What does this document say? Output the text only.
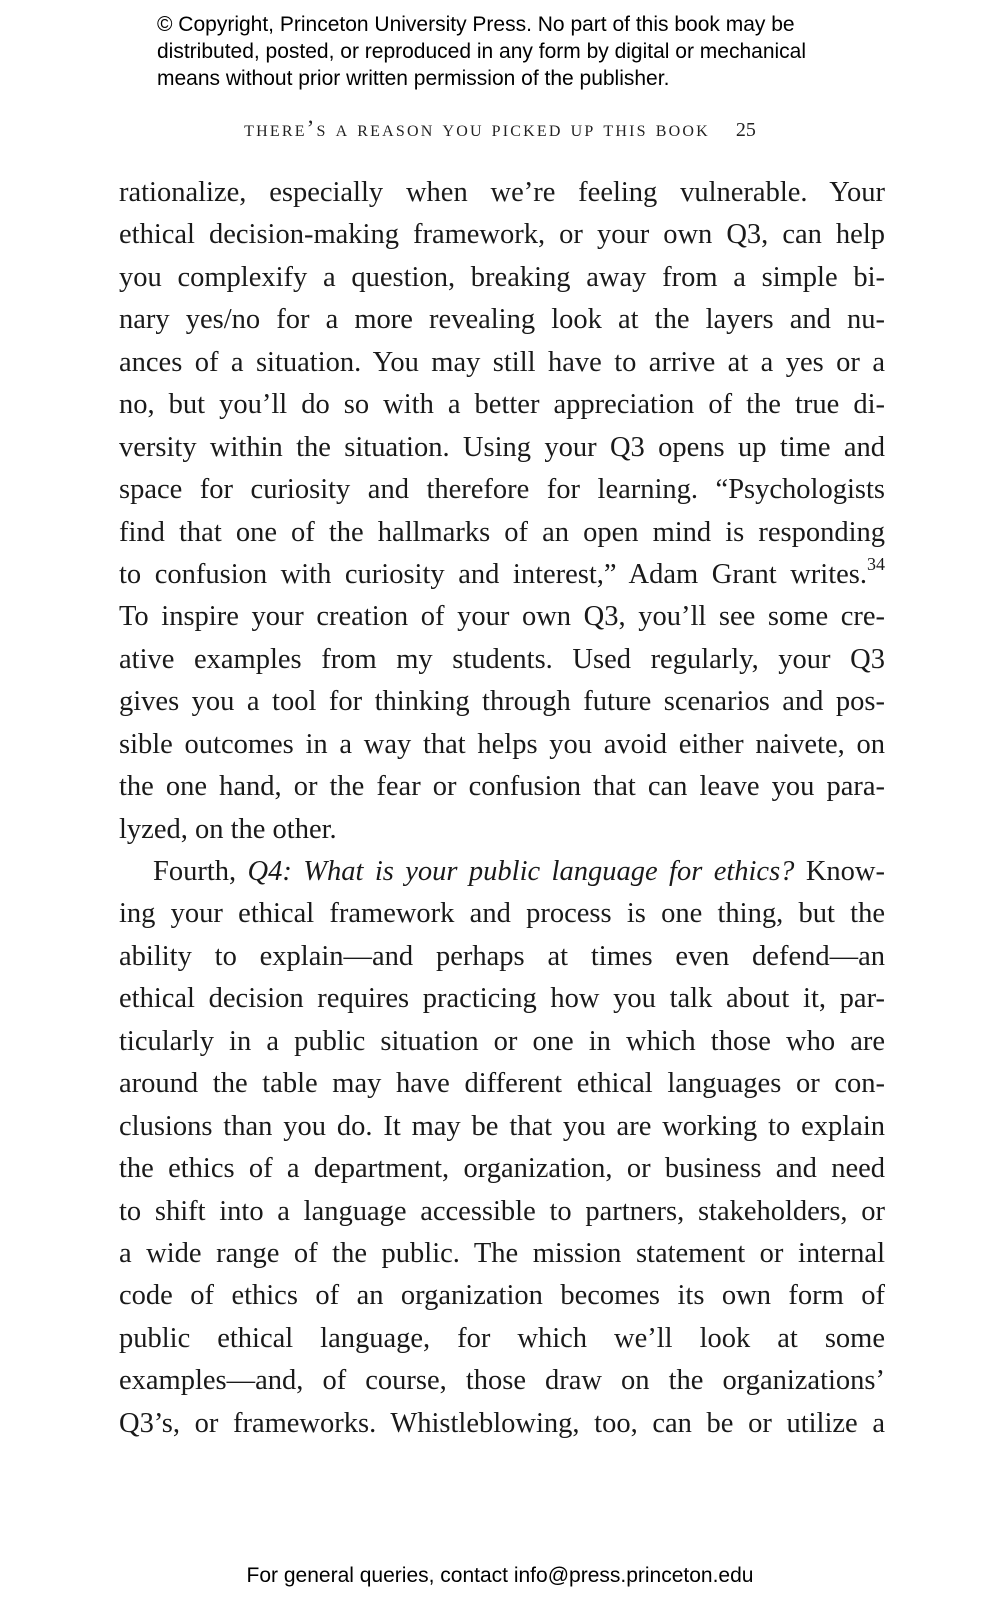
© Copyright, Princeton University Press. No part of this book may be
distributed, posted, or reproduced in any form by digital or mechanical
means without prior written permission of the publisher.
there’s a reason you picked up this book 25
rationalize, especially when we’re feeling vulnerable. Your
ethical decision-making framework, or your own Q3, can help
you complexify a question, breaking away from a simple bi-
nary yes/no for a more revealing look at the layers and nu-
ances of a situation. You may still have to arrive at a yes or a
no, but you’ll do so with a better appreciation of the true di-
versity within the situation. Using your Q3 opens up time and
space for curiosity and therefore for learning. “Psychologists
find that one of the hallmarks of an open mind is responding
to confusion with curiosity and interest,” Adam Grant writes.$^{34}$
To inspire your creation of your own Q3, you’ll see some cre-
ative examples from my students. Used regularly, your Q3
gives you a tool for thinking through future scenarios and pos-
sible outcomes in a way that helps you avoid either naivete, on
the one hand, or the fear or confusion that can leave you para-
lyzed, on the other.
Fourth, Q4: What is your public language for ethics? Know-
ing your ethical framework and process is one thing, but the
ability to explain—and perhaps at times even defend—an
ethical decision requires practicing how you talk about it, par-
ticularly in a public situation or one in which those who are
around the table may have different ethical languages or con-
clusions than you do. It may be that you are working to explain
the ethics of a department, organization, or business and need
to shift into a language accessible to partners, stakeholders, or
a wide range of the public. The mission statement or internal
code of ethics of an organization becomes its own form of
public ethical language, for which we’ll look at some
examples—and, of course, those draw on the organizations’
Q3’s, or frameworks. Whistleblowing, too, can be or utilize a
For general queries, contact info@press.princeton.edu
